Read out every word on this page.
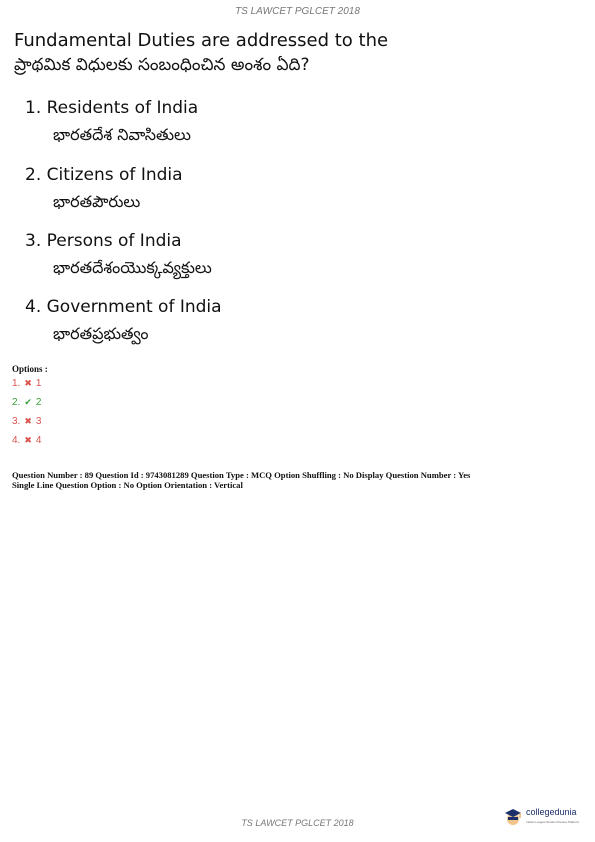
TS LAWCET PGLCET 2018
Fundamental Duties are addressed to the
ప్రాథమిక విధులకు సంబంధించిన అంశం ఏది?
1. Residents of India
భారతదేశ నివాసితులు
2. Citizens of India
భారతపౌరులు
3. Persons of India
భారతదేశంయొక్కవ్యక్తులు
4. Government of India
భారతప్రభుత్వం
Options :
1. ✖ 1
2. ✔ 2
3. ✖ 3
4. ✖ 4
Question Number : 89 Question Id : 9743081289 Question Type : MCQ Option Shuffling : No Display Question Number : Yes
Single Line Question Option : No Option Orientation : Vertical
TS LAWCET PGLCET 2018
collegedunia
India's Largest Student Review Platform
